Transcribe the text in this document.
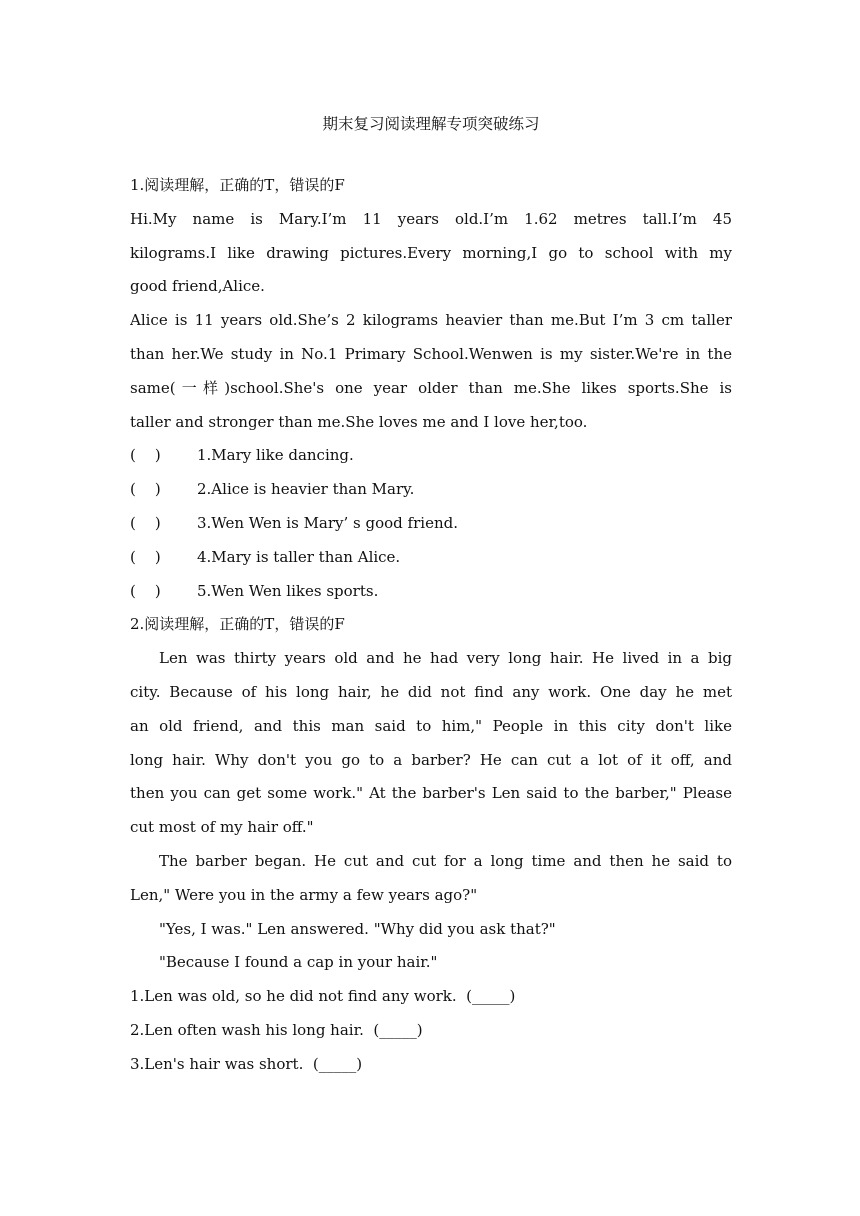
期末复习阅读理解专项突破练习
1.阅读理解，正确的T，错误的F
Hi.My name is Mary.I’m 11 years old.I’m 1.62 metres tall.I’m 45
kilograms.I like drawing pictures.Every morning,I go to school with my
good friend,Alice.
Alice is 11 years old.She’s 2 kilograms heavier than me.But I’m 3 cm taller
than her.We study in No.1 Primary School.Wenwen is my sister.We're in the
same(一样)school.She's one year older than me.She likes sports.She is
taller and stronger than me.She loves me and I love her,too.
(    )	1.Mary like dancing.
(    )	2.Alice is heavier than Mary.
(    )	3.Wen Wen is Mary’ s good friend.
(    )	4.Mary is taller than Alice.
(    )	5.Wen Wen likes sports.
2.阅读理解，正确的T，错误的F
Len was thirty years old and he had very long hair. He lived in a big
city. Because of his long hair, he did not find any work. One day he met
an old friend, and this man said to him," People in this city don't like
long hair. Why don't you go to a barber? He can cut a lot of it off, and
then you can get some work." At the barber's Len said to the barber," Please
cut most of my hair off."
The barber began. He cut and cut for a long time and then he said to
Len," Were you in the army a few years ago?"
"Yes, I was." Len answered. "Why did you ask that?"
"Because I found a cap in your hair."
1.Len was old, so he did not find any work.  (_____)
2.Len often wash his long hair.  (_____)
3.Len's hair was short.  (_____)
